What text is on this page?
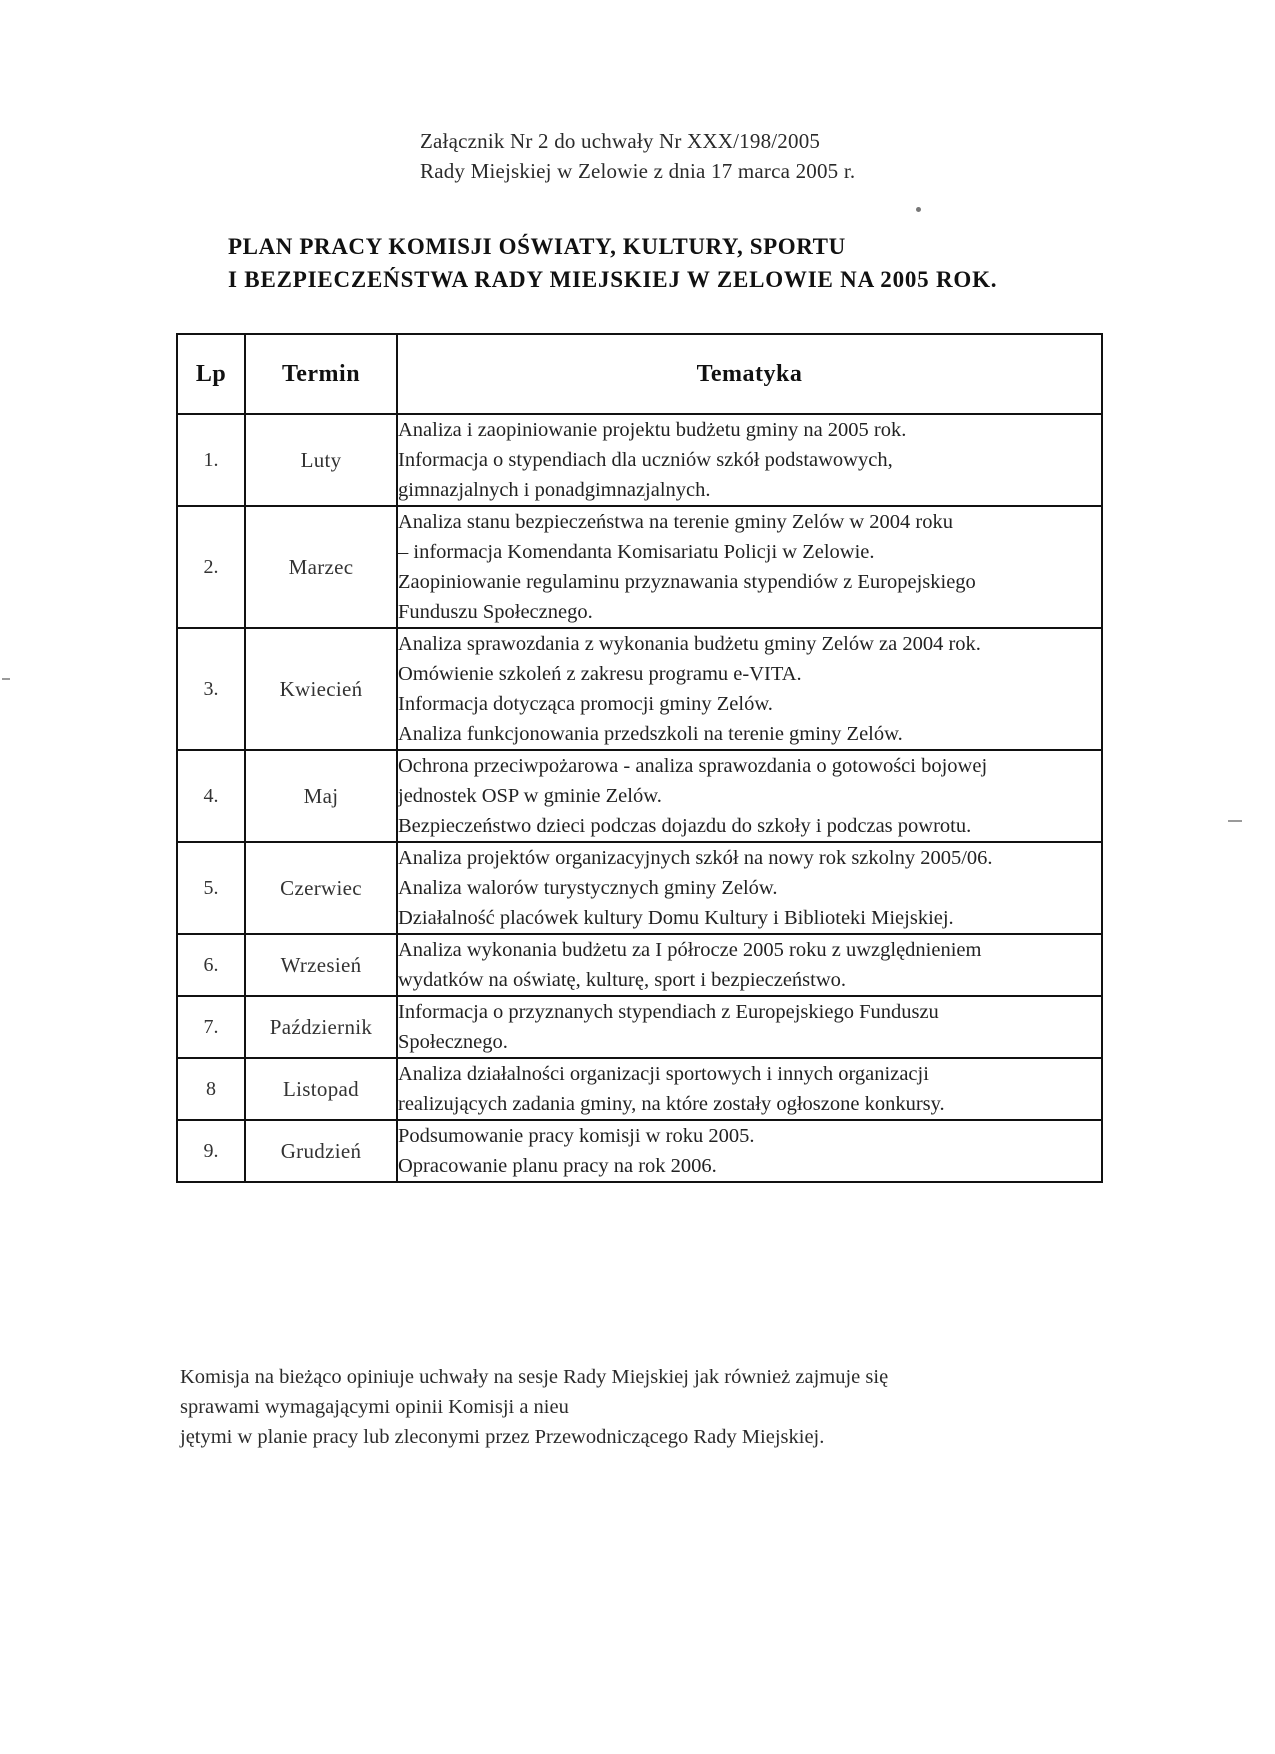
Załącznik Nr 2 do uchwały Nr XXX/198/2005
Rady Miejskiej w Zelowie z dnia 17 marca 2005 r.
PLAN PRACY KOMISJI OŚWIATY, KULTURY, SPORTU
I BEZPIECZEŃSTWA RADY MIEJSKIEJ W ZELOWIE NA 2005 ROK.
Lp	Termin	Tematyka
1.	Luty	Analiza i zaopiniowanie projektu budżetu gminy na 2005 rok.
Informacja o stypendiach dla uczniów szkół podstawowych,
gimnazjalnych i ponadgimnazjalnych.

2.	Marzec	Analiza stanu bezpieczeństwa na terenie gminy Zelów w 2004 roku
– informacja Komendanta Komisariatu Policji w Zelowie.
Zaopiniowanie regulaminu przyznawania stypendiów z Europejskiego
Funduszu Społecznego.

3.	Kwiecień	Analiza sprawozdania z wykonania budżetu gminy Zelów za 2004 rok.
Omówienie szkoleń z zakresu programu e-VITA.
Informacja dotycząca promocji gminy Zelów.
Analiza funkcjonowania przedszkoli na terenie gminy Zelów.

4.	Maj	Ochrona przeciwpożarowa - analiza sprawozdania o gotowości bojowej
jednostek OSP w gminie Zelów.
Bezpieczeństwo dzieci podczas dojazdu do szkoły i podczas powrotu.

5.	Czerwiec	Analiza projektów organizacyjnych szkół na nowy rok szkolny 2005/06.
Analiza walorów turystycznych gminy Zelów.
Działalność placówek kultury Domu Kultury i Biblioteki Miejskiej.

6.	Wrzesień	Analiza wykonania budżetu za I półrocze 2005 roku z uwzględnieniem
wydatków na oświatę, kulturę, sport i bezpieczeństwo.

7.	Październik	Informacja o przyznanych stypendiach z Europejskiego Funduszu
Społecznego.

8	Listopad	Analiza działalności organizacji sportowych i innych organizacji
realizujących zadania gminy, na które zostały ogłoszone konkursy.

9.	Grudzień	Podsumowanie pracy komisji w roku 2005.
Opracowanie planu pracy na rok 2006.
Komisja na bieżąco opiniuje uchwały na sesje Rady Miejskiej jak również zajmuje się
sprawami wymagającymi opinii Komisji a nieu
jętymi w planie pracy lub zleconymi przez Przewodniczącego Rady Miejskiej.
